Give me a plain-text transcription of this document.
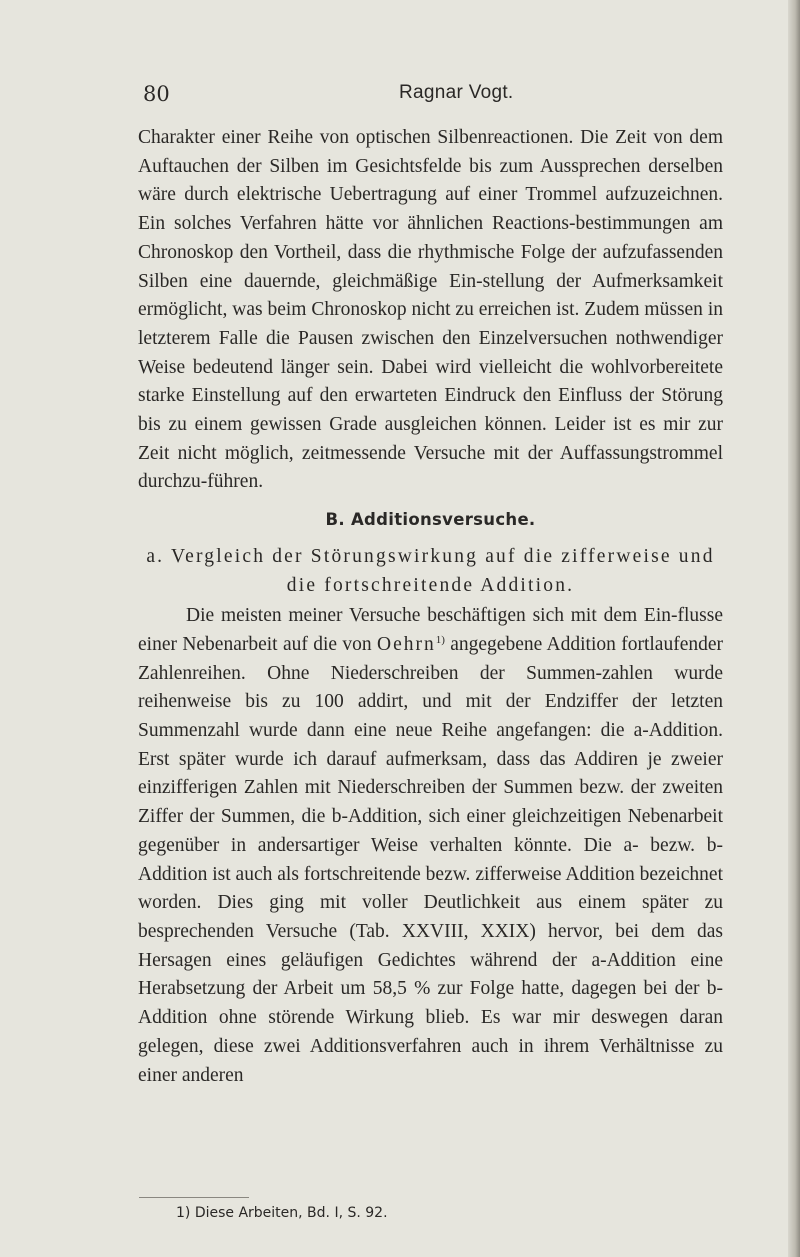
80	Ragnar Vogt.

Charakter einer Reihe von optischen Silbenreactionen. Die Zeit von dem Auftauchen der Silben im Gesichtsfelde bis zum Aussprechen derselben wäre durch elektrische Uebertragung auf einer Trommel aufzuzeichnen. Ein solches Verfahren hätte vor ähnlichen Reactions-bestimmungen am Chronoskop den Vortheil, dass die rhythmische Folge der aufzufassenden Silben eine dauernde, gleichmäßige Ein-stellung der Aufmerksamkeit ermöglicht, was beim Chronoskop nicht zu erreichen ist. Zudem müssen in letzterem Falle die Pausen zwischen den Einzelversuchen nothwendiger Weise bedeutend länger sein. Dabei wird vielleicht die wohlvorbereitete starke Einstellung auf den erwarteten Eindruck den Einfluss der Störung bis zu einem gewissen Grade ausgleichen können. Leider ist es mir zur Zeit nicht möglich, zeitmessende Versuche mit der Auffassungstrommel durchzu-führen.

B. Additionsversuche.
a. Vergleich der Störungswirkung auf die zifferweise und
die fortschreitende Addition.

Die meisten meiner Versuche beschäftigen sich mit dem Ein-flusse einer Nebenarbeit auf die von Oehrn$^{1)}$ angegebene Addition fortlaufender Zahlenreihen. Ohne Niederschreiben der Summen-zahlen wurde reihenweise bis zu 100 addirt, und mit der Endziffer der letzten Summenzahl wurde dann eine neue Reihe angefangen: die a-Addition. Erst später wurde ich darauf aufmerksam, dass das Addiren je zweier einzifferigen Zahlen mit Niederschreiben der Summen bezw. der zweiten Ziffer der Summen, die b-Addition, sich einer gleichzeitigen Nebenarbeit gegenüber in andersartiger Weise verhalten könnte. Die a- bezw. b-Addition ist auch als fortschreitende bezw. zifferweise Addition bezeichnet worden. Dies ging mit voller Deutlichkeit aus einem später zu besprechenden Versuche (Tab. XXVIII, XXIX) hervor, bei dem das Hersagen eines geläufigen Gedichtes während der a-Addition eine Herabsetzung der Arbeit um 58,5 % zur Folge hatte, dagegen bei der b-Addition ohne störende Wirkung blieb. Es war mir deswegen daran gelegen, diese zwei Additionsverfahren auch in ihrem Verhältnisse zu einer anderen

1) Diese Arbeiten, Bd. I, S. 92.
